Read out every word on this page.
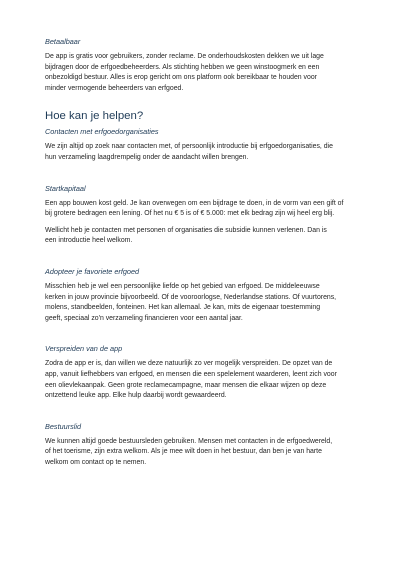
Betaalbaar

De app is gratis voor gebruikers, zonder reclame. De onderhoudskosten dekken we uit lage
bijdragen door de erfgoedbeheerders. Als stichting hebben we geen winstoogmerk en een
onbezoldigd bestuur. Alles is erop gericht om ons platform ook bereikbaar te houden voor
minder vermogende beheerders van erfgoed.

Hoe kan je helpen?

Contacten met erfgoedorganisaties

We zijn altijd op zoek naar contacten met, of persoonlijk introductie bij erfgoedorganisaties, die
hun verzameling laagdrempelig onder de aandacht willen brengen.

Startkapitaal

Een app bouwen kost geld. Je kan overwegen om een bijdrage te doen, in de vorm van een gift of
bij grotere bedragen een lening. Of het nu € 5 is of € 5.000: met elk bedrag zijn wij heel erg blij.

Wellicht heb je contacten met personen of organisaties die subsidie kunnen verlenen. Dan is
een introductie heel welkom.

Adopteer je favoriete erfgoed

Misschien heb je wel een persoonlijke liefde op het gebied van erfgoed. De middeleeuwse
kerken in jouw provincie bijvoorbeeld. Of de vooroorlogse, Nederlandse stations. Of vuurtorens,
molens, standbeelden, fonteinen. Het kan allemaal. Je kan, mits de eigenaar toestemming
geeft, speciaal zo'n verzameling financieren voor een aantal jaar.

Verspreiden van de app

Zodra de app er is, dan willen we deze natuurlijk zo ver mogelijk verspreiden. De opzet van de
app, vanuit liefhebbers van erfgoed, en mensen die een spelelement waarderen, leent zich voor
een olievlekaanpak. Geen grote reclamecampagne, maar mensen die elkaar wijzen op deze
ontzettend leuke app. Elke hulp daarbij wordt gewaardeerd.

Bestuurslid

We kunnen altijd goede bestuursleden gebruiken. Mensen met contacten in de erfgoedwereld,
of het toerisme, zijn extra welkom. Als je mee wilt doen in het bestuur, dan ben je van harte
welkom om contact op te nemen.
